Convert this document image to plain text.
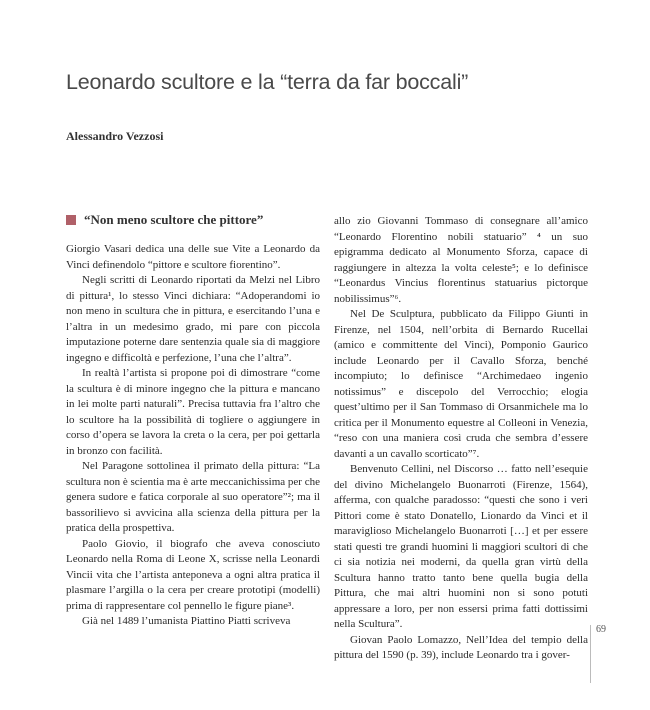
Leonardo scultore e la “terra da far boccali”

Alessandro Vezzosi

“Non meno scultore che pittore”

Giorgio Vasari dedica una delle sue Vite a Leonardo da Vinci definendolo “pittore e scultore fiorentino”.

Negli scritti di Leonardo riportati da Melzi nel Libro di pittura¹, lo stesso Vinci dichiara: “Adoperandomi io non meno in scultura che in pittura, e esercitando l’una e l’altra in un medesimo grado, mi pare con piccola imputazione poterne dare sentenzia quale sia di maggiore ingegno e difficoltà e perfezione, l’una che l’altra”.

In realtà l’artista si propone poi di dimostrare “come la scultura è di minore ingegno che la pittura e mancano in lei molte parti naturali”. Precisa tuttavia fra l’altro che lo scultore ha la possibilità di togliere o aggiungere in corso d’opera se lavora la creta o la cera, per poi gettarla in bronzo con facilità.

Nel Paragone sottolinea il primato della pittura: “La scultura non è scientia ma è arte meccanichissima per che genera sudore e fatica corporale al suo operatore”²; ma il bassorilievo si avvicina alla scienza della pittura per la pratica della prospettiva.

Paolo Giovio, il biografo che aveva conosciuto Leonardo nella Roma di Leone X, scrisse nella Leonardi Vincii vita che l’artista anteponeva a ogni altra pratica il plasmare l’argilla o la cera per creare prototipi (modelli) prima di rappresentare col pennello le figure piane³.

Già nel 1489 l’umanista Piattino Piatti scriveva

allo zio Giovanni Tommaso di consegnare all’amico “Leonardo Florentino nobili statuario” ⁴ un suo epigramma dedicato al Monumento Sforza, capace di raggiungere in altezza la volta celeste⁵; e lo definisce “Leonardus Vincius florentinus statuarius pictorque nobilissimus”⁶.

Nel De Sculptura, pubblicato da Filippo Giunti in Firenze, nel 1504, nell’orbita di Bernardo Rucellai (amico e committente del Vinci), Pomponio Gaurico include Leonardo per il Cavallo Sforza, benché incompiuto; lo definisce “Archimedaeo ingenio notissimus” e discepolo del Verrocchio; elogia quest’ultimo per il San Tommaso di Orsanmichele ma lo critica per il Monumento equestre al Colleoni in Venezia, “reso con una maniera così cruda che sembra d’essere davanti a un cavallo scorticato”⁷.

Benvenuto Cellini, nel Discorso … fatto nell’esequie del divino Michelangelo Buonarroti (Firenze, 1564), afferma, con qualche paradosso: “questi che sono i veri Pittori come è stato Donatello, Lionardo da Vinci et il maraviglioso Michelangelo Buonarroti […] et per essere stati questi tre grandi huomini li maggiori scultori di che ci sia notizia nei moderni, da quella gran virtù della Scultura hanno tratto tanto bene quella bugia della Pittura, che mai altri huomini non si sono potuti appressare a loro, per non essersi prima fatti dottissimi nella Scultura”.

Giovan Paolo Lomazzo, Nell’Idea del tempio della pittura del 1590 (p. 39), include Leonardo tra i gover-

69
